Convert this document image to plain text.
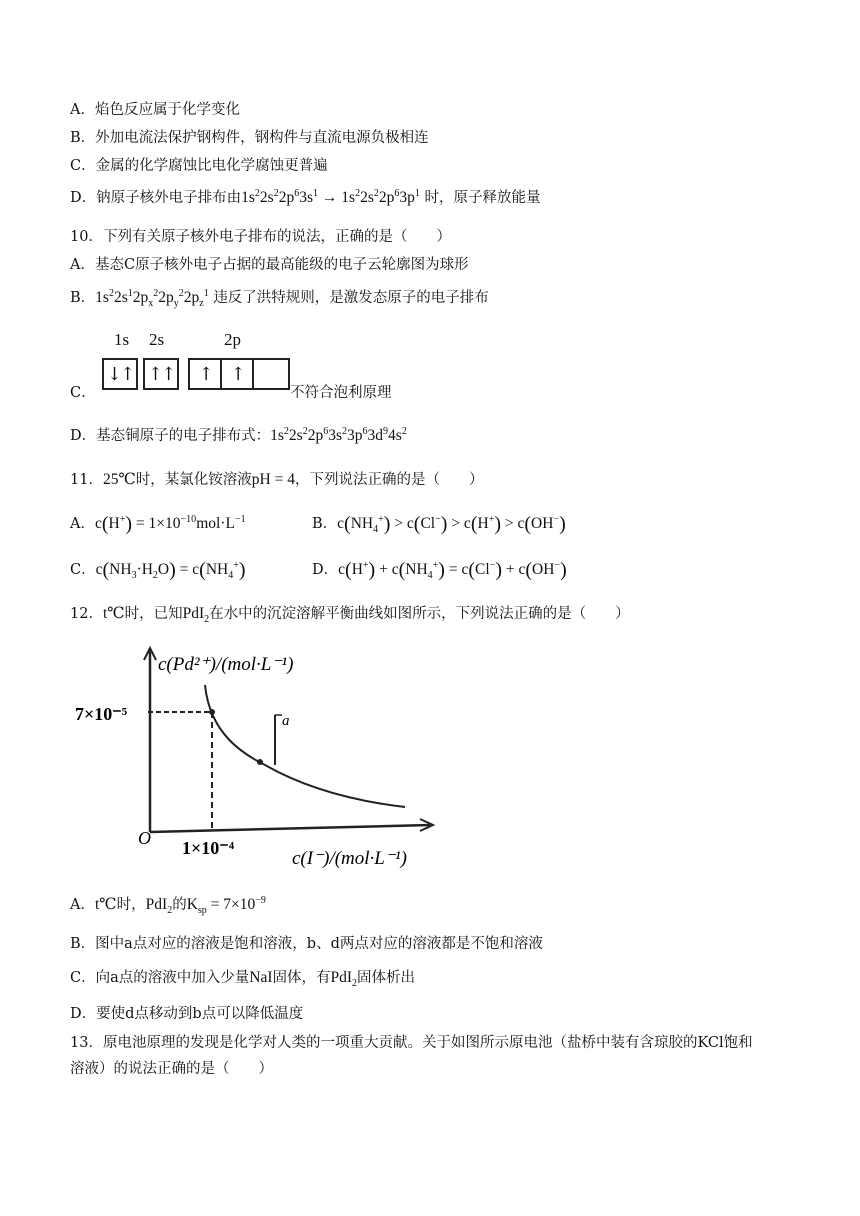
A．焰色反应属于化学变化
B．外加电流法保护钢构件，钢构件与直流电源负极相连
C．金属的化学腐蚀比电化学腐蚀更普遍
D．钠原子核外电子排布由$1s^22s^22p^63s^1 \to 1s^22s^22p^63p^1$ 时，原子释放能量
10．下列有关原子核外电子排布的说法，正确的是（　　）
A．基态C原子核外电子占据的最高能级的电子云轮廓图为球形
B．$1s^22s^12p_x^22p_y^22p_z^1$ 违反了洪特规则，是激发态原子的电子排布
1s 2s	2p
↓↑ ↑↑	↑	↑
C．	不符合泡利原理
D．基态铜原子的电子排布式：$1s^22s^22p^63s^23p^63d^94s^2$
11．25℃时，某氯化铵溶液pH = 4，下列说法正确的是（　　）
A．$c(H^+) = 1\times 10^{-10}mol\cdot L^{-1}$	B．$c(NH_4^+) > c(Cl^-) > c(H^+) > c(OH^-)$
C．$c(NH_3\cdot H_2O) = c(NH_4^+)$	D．$c(H^+) + c(NH_4^+) = c(Cl^-) + c(OH^-)$
12．t℃时，已知PdI$_2$在水中的沉淀溶解平衡曲线如图所示，下列说法正确的是（　　）
c(Pd²⁺)/(mol·L⁻¹)
7×10⁻⁵
O 1×10⁻⁴	c(I⁻)/(mol·L⁻¹)
a
A．t℃时，PdI$_2$的$K_{sp} = 7\times 10^{-9}$
B．图中a点对应的溶液是饱和溶液，b、d两点对应的溶液都是不饱和溶液
C．向a点的溶液中加入少量NaI固体，有PdI$_2$固体析出
D．要使d点移动到b点可以降低温度
13．原电池原理的发现是化学对人类的一项重大贡献。关于如图所示原电池（盐桥中装有含琼胶的KCl饱和
溶液）的说法正确的是（　　）
